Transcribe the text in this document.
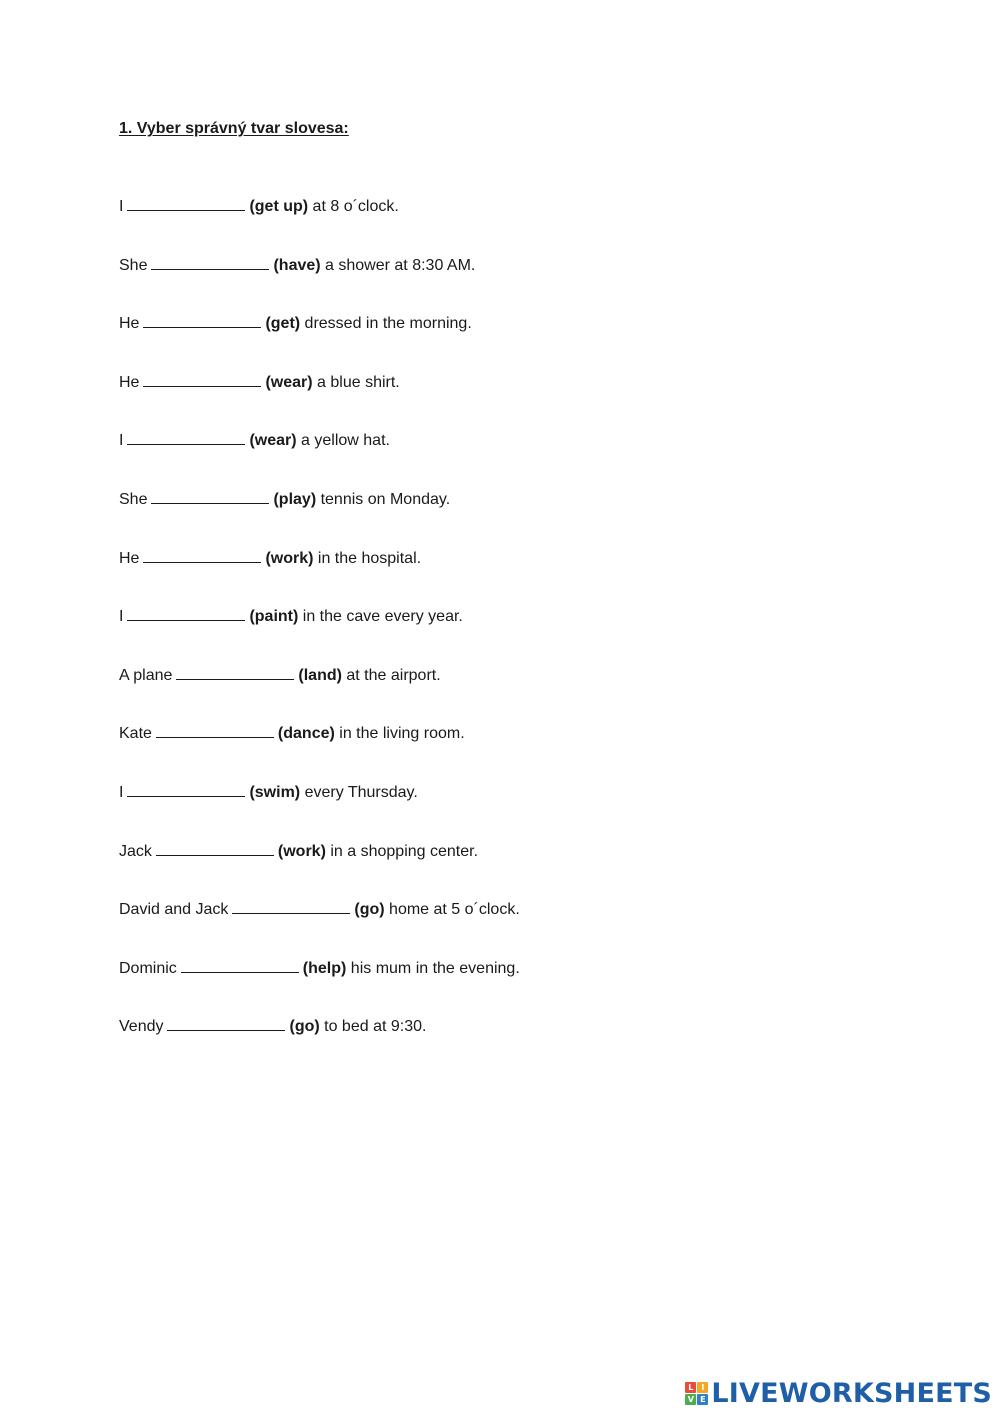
1. Vyber správný tvar slovesa:
I	(get up) at 8 o´clock.
She	(have) a shower at 8:30 AM.
He	(get) dressed in the morning.
He	(wear) a blue shirt.
I	(wear) a yellow hat.
She	(play) tennis on Monday.
He	(work) in the hospital.
I	(paint) in the cave every year.
A plane	(land) at the airport.
Kate	(dance) in the living room.
I	(swim) every Thursday.
Jack	(work) in a shopping center.
David and Jack	(go) home at 5 o´clock.
Dominic	(help) his mum in the evening.
Vendy	(go) to bed at 9:30.
L I
V E LIVEWORKSHEETS
